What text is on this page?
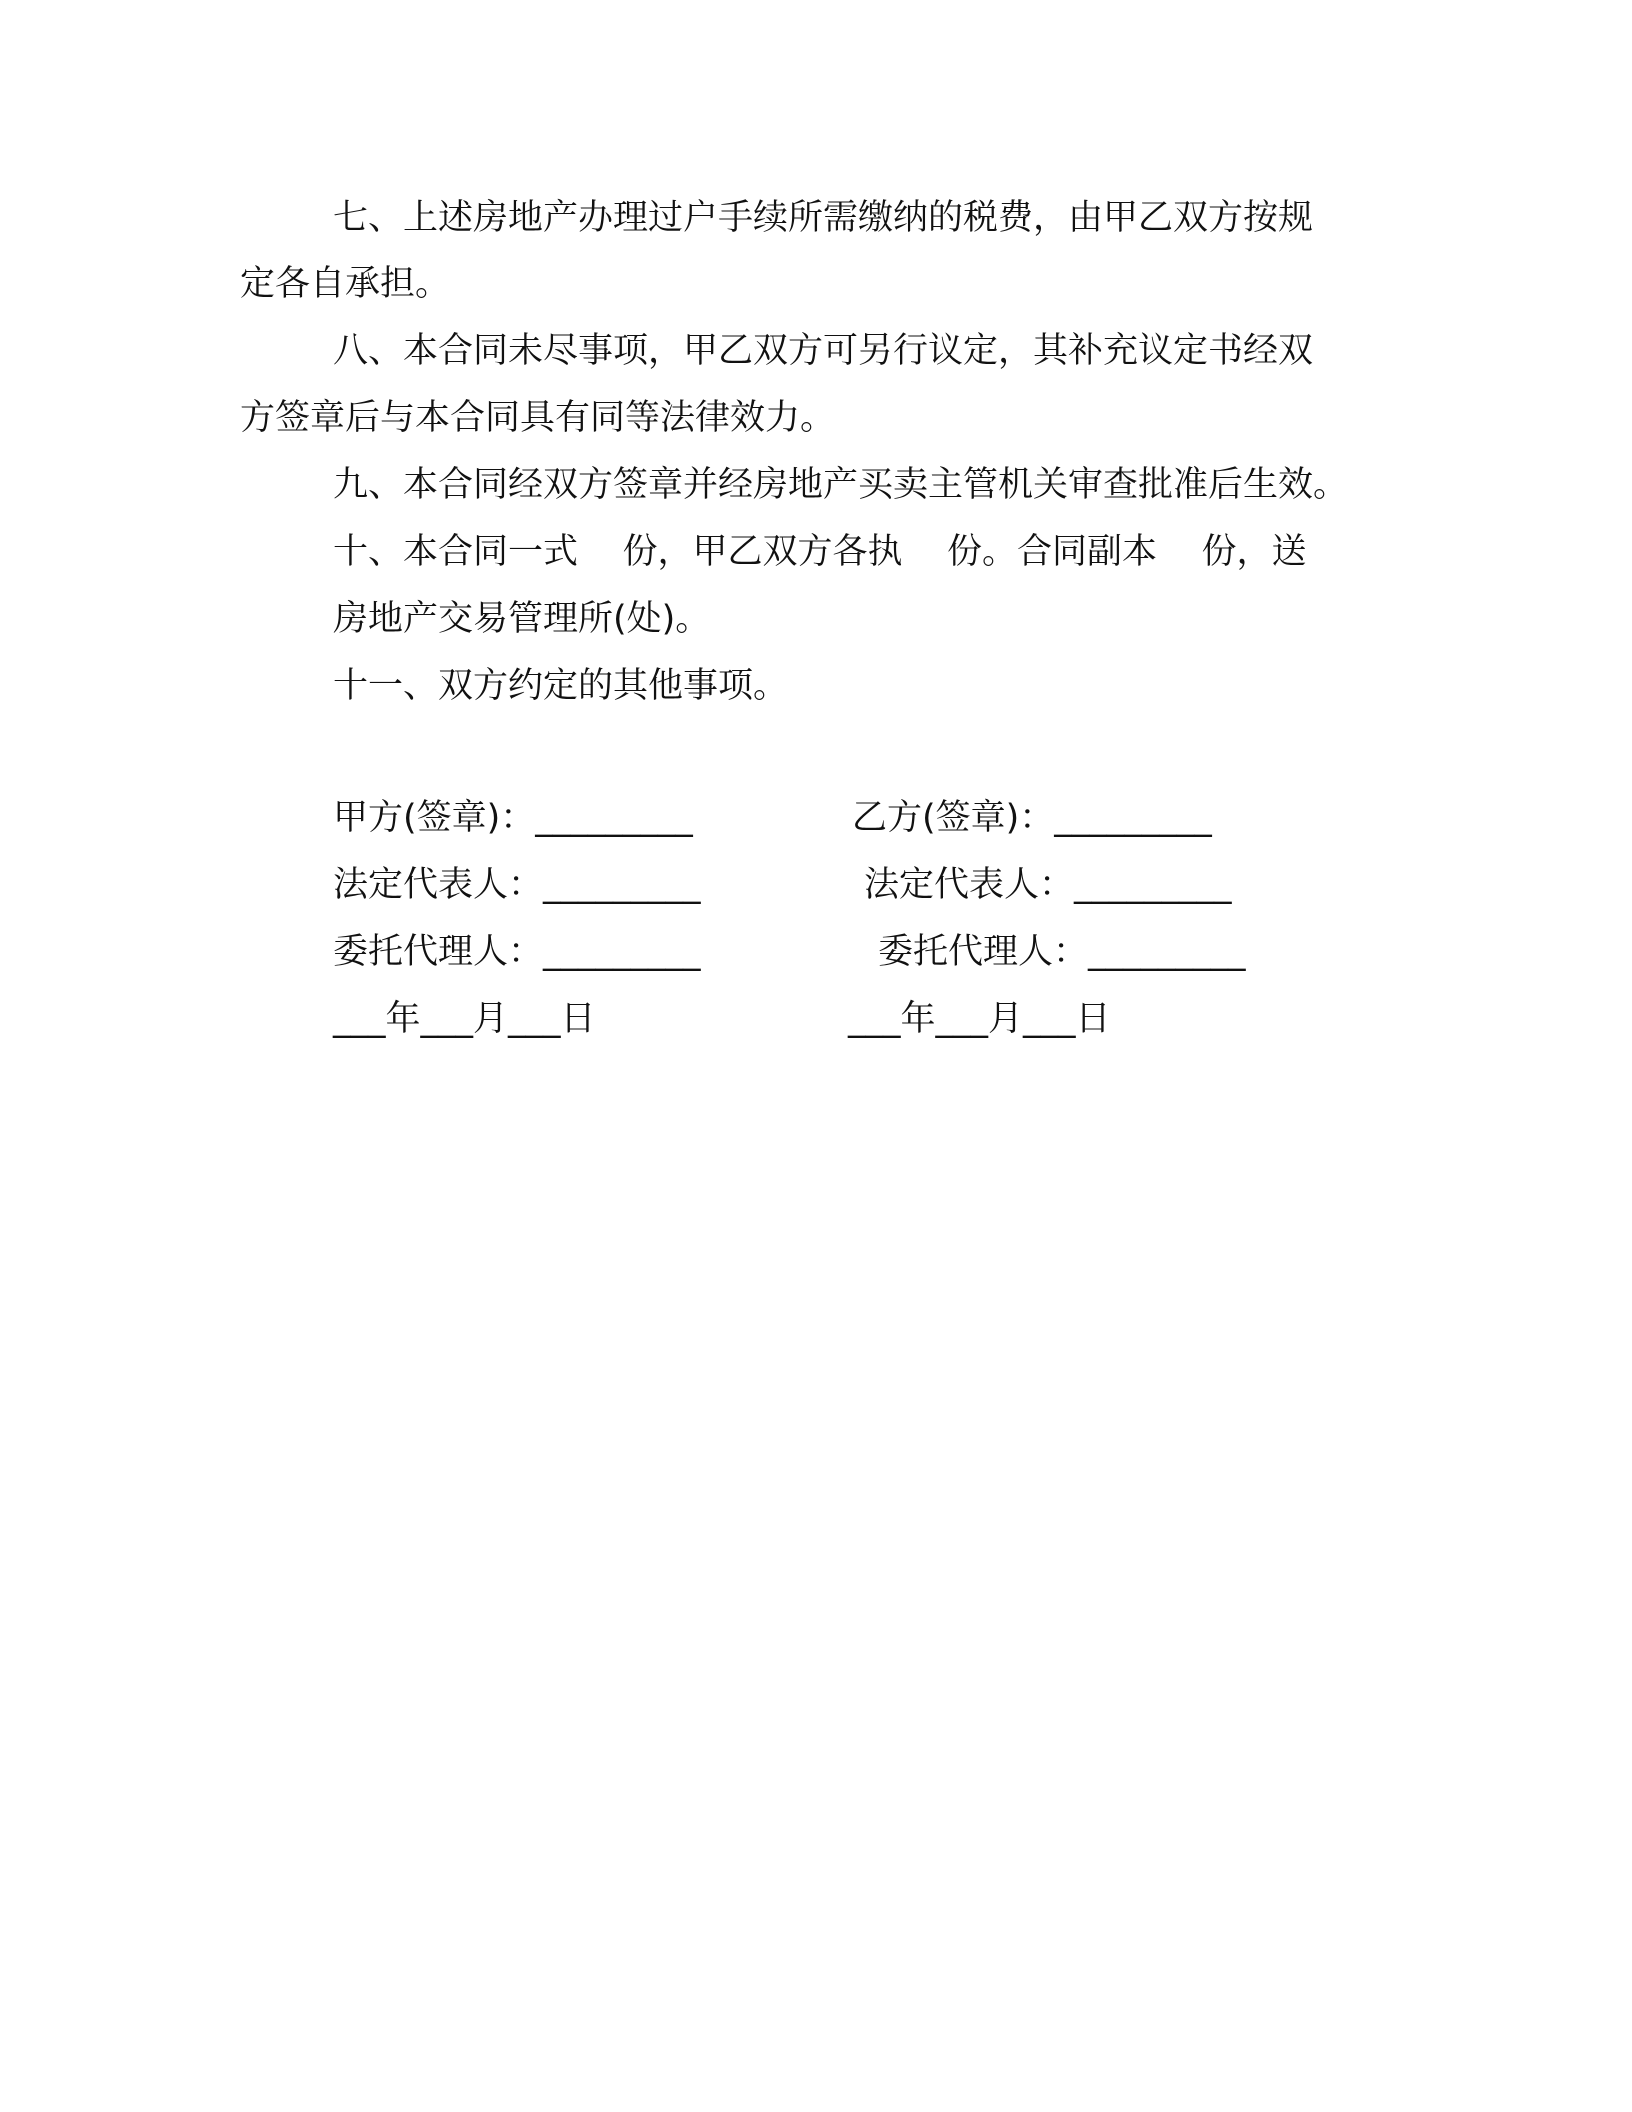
七、上述房地产办理过户手续所需缴纳的税费，由甲乙双方按规
定各自承担。
八、本合同未尽事项，甲乙双方可另行议定，其补充议定书经双
方签章后与本合同具有同等法律效力。
九、本合同经双方签章并经房地产买卖主管机关审查批准后生效。
十、本合同一式    份，甲乙双方各执    份。合同副本    份，送
房地产交易管理所(处)。
十一、双方约定的其他事项。
甲方(签章)：_________	乙方(签章)：_________
法定代表人：_________	法定代表人：_________
委托代理人：_________	委托代理人：_________
___年___月___日	___年___月___日
